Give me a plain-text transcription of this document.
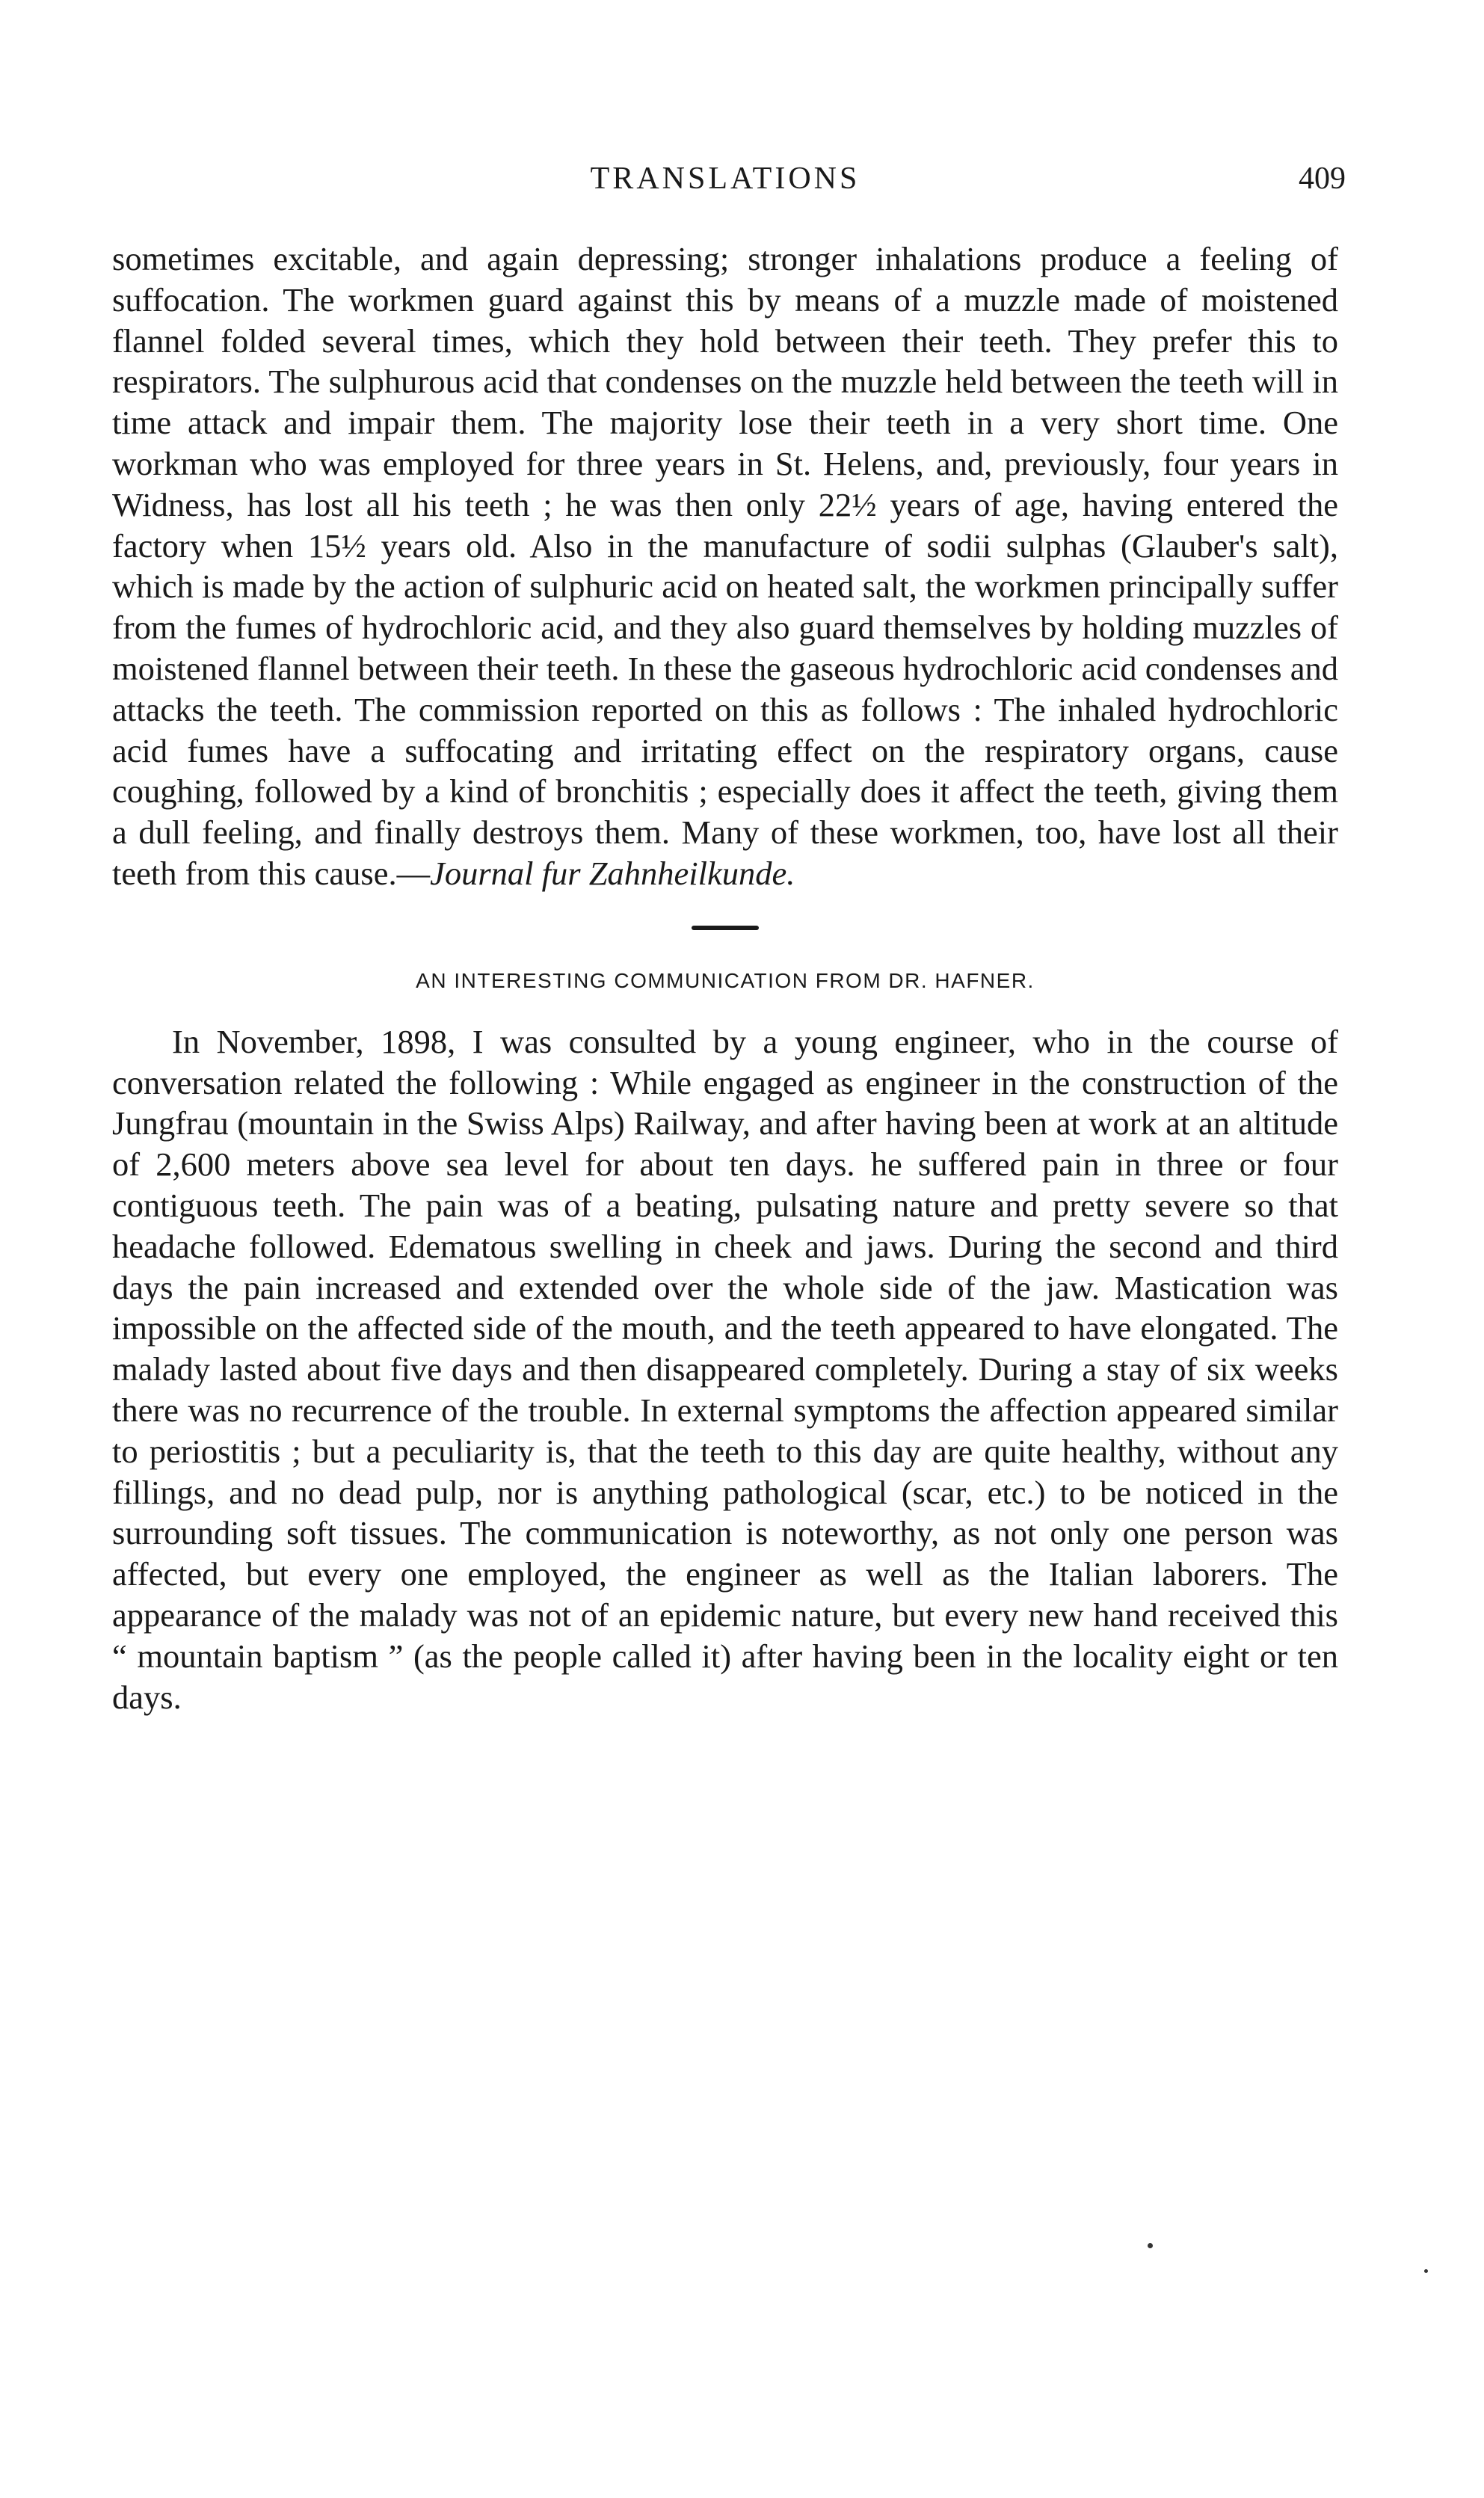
TRANSLATIONS	409

sometimes excitable, and again depressing; stronger inhalations produce a feeling of suffocation. The workmen guard against this by means of a muzzle made of moistened flannel folded several times, which they hold between their teeth. They prefer this to respirators. The sulphurous acid that condenses on the muzzle held between the teeth will in time attack and impair them. The majority lose their teeth in a very short time. One workman who was employed for three years in St. Helens, and, previously, four years in Widness, has lost all his teeth ; he was then only 22½ years of age, having entered the factory when 15½ years old. Also in the manufacture of sodii sulphas (Glauber's salt), which is made by the action of sulphuric acid on heated salt, the workmen principally suffer from the fumes of hydrochloric acid, and they also guard themselves by holding muzzles of moistened flannel between their teeth. In these the gaseous hydrochloric acid condenses and attacks the teeth. The commission reported on this as follows : The inhaled hydrochloric acid fumes have a suffocating and irritating effect on the respiratory organs, cause coughing, followed by a kind of bronchitis ; especially does it affect the teeth, giving them a dull feeling, and finally destroys them. Many of these workmen, too, have lost all their teeth from this cause.—Journal fur Zahnheilkunde.

AN INTERESTING COMMUNICATION FROM DR. HAFNER.

In November, 1898, I was consulted by a young engineer, who in the course of conversation related the following : While engaged as engineer in the construction of the Jungfrau (mountain in the Swiss Alps) Railway, and after having been at work at an altitude of 2,600 meters above sea level for about ten days. he suffered pain in three or four contiguous teeth. The pain was of a beating, pulsating nature and pretty severe so that headache followed. Edematous swelling in cheek and jaws. During the second and third days the pain increased and extended over the whole side of the jaw. Mastication was impossible on the affected side of the mouth, and the teeth appeared to have elongated. The malady lasted about five days and then disappeared completely. During a stay of six weeks there was no recurrence of the trouble. In external symptoms the affection appeared similar to periostitis ; but a peculiarity is, that the teeth to this day are quite healthy, without any fillings, and no dead pulp, nor is anything pathological (scar, etc.) to be noticed in the surrounding soft tissues. The communication is noteworthy, as not only one person was affected, but every one employed, the engineer as well as the Italian laborers. The appearance of the malady was not of an epidemic nature, but every new hand received this “ mountain baptism ” (as the people called it) after having been in the locality eight or ten days.
